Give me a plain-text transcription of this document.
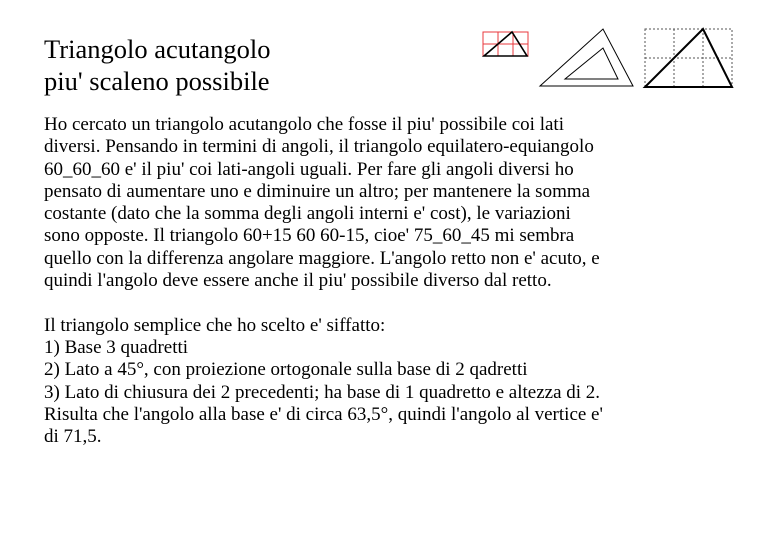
Triangolo acutangolo
piu' scaleno possibile

Ho cercato un triangolo acutangolo che fosse il piu' possibile coi lati
diversi. Pensando in termini di angoli, il triangolo equilatero-equiangolo
60_60_60 e' il piu' coi lati-angoli uguali. Per fare gli angoli diversi ho
pensato di aumentare uno e diminuire un altro; per mantenere la somma
costante (dato che la somma degli angoli interni e' cost), le variazioni
sono opposte. Il triangolo 60+15 60 60-15, cioe' 75_60_45 mi sembra
quello con la differenza angolare maggiore. L'angolo retto non e' acuto, e
quindi l'angolo deve essere anche il piu' possibile diverso dal retto.

Il triangolo semplice che ho scelto e' siffatto:
1) Base 3 quadretti
2) Lato a 45°, con proiezione ortogonale sulla base di 2 qadretti
3) Lato di chiusura dei 2 precedenti; ha base di 1 quadretto e altezza di 2.
Risulta che l'angolo alla base e' di circa 63,5°, quindi l'angolo al vertice e'
di 71,5.
